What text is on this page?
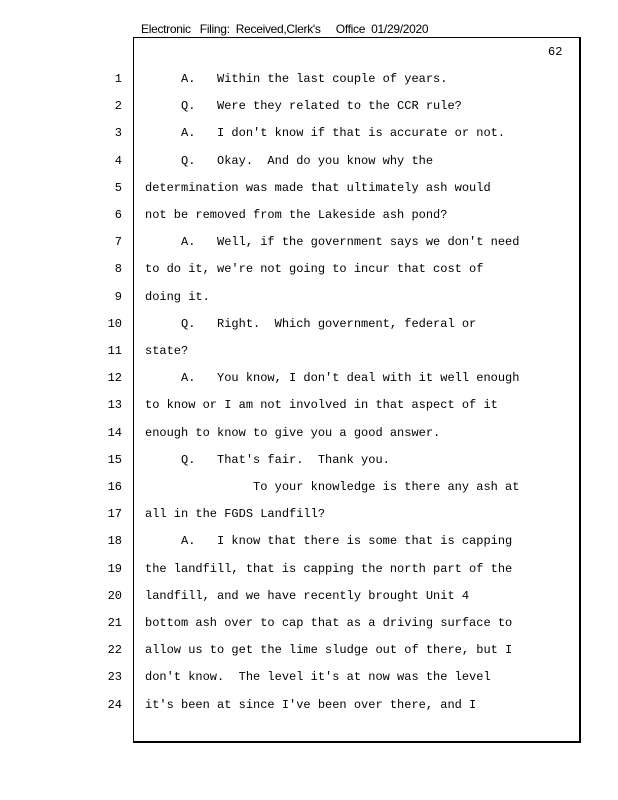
Electronic   Filing:  Received,Clerk's     Office  01/29/2020
62
1 A.   Within the last couple of years.
2 Q.   Were they related to the CCR rule?
3 A.   I don't know if that is accurate or not.
4 Q.   Okay.  And do you know why the
5 determination was made that ultimately ash would
6 not be removed from the Lakeside ash pond?
7 A.   Well, if the government says we don't need
8 to do it, we're not going to incur that cost of
9 doing it.
10 Q.   Right.  Which government, federal or
11 state?
12 A.   You know, I don't deal with it well enough
13 to know or I am not involved in that aspect of it
14 enough to know to give you a good answer.
15 Q.   That's fair.  Thank you.
16 To your knowledge is there any ash at
17 all in the FGDS Landfill?
18 A.   I know that there is some that is capping
19 the landfill, that is capping the north part of the
20 landfill, and we have recently brought Unit 4
21 bottom ash over to cap that as a driving surface to
22 allow us to get the lime sludge out of there, but I
23 don't know.  The level it's at now was the level
24 it's been at since I've been over there, and I
